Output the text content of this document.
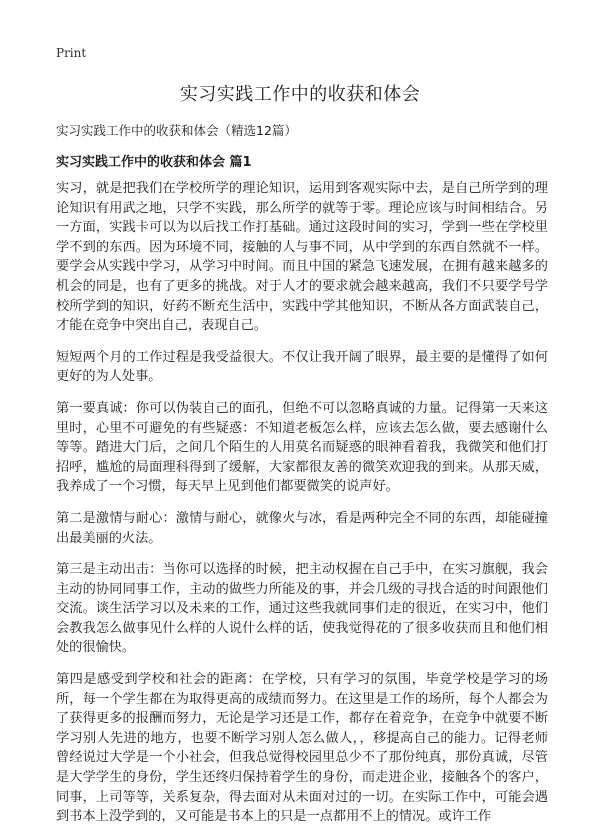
Print
实习实践工作中的收获和体会

实习实践工作中的收获和体会（精选12篇）

实习实践工作中的收获和体会 篇1

实习，就是把我们在学校所学的理论知识，运用到客观实际中去，是自己所学到的理论知识有用武之地，只学不实践，那么所学的就等于零。理论应该与时间相结合。另一方面，实践卡可以为以后找工作打基础。通过这段时间的实习，学到一些在学校里学不到的东西。因为环境不同，接触的人与事不同，从中学到的东西自然就不一样。要学会从实践中学习，从学习中时间。而且中国的紧急飞速发展，在拥有越来越多的机会的同是，也有了更多的挑战。对于人才的要求就会越来越高，我们不只要学号学校所学到的知识，好药不断充生活中，实践中学其他知识，不断从各方面武装自己，才能在竞争中突出自己，表现自己。

短短两个月的工作过程是我受益很大。不仅让我开阔了眼界，最主要的是懂得了如何更好的为人处事。

第一要真诚：你可以伪装自己的面孔，但绝不可以忽略真诚的力量。记得第一天来这里时，心里不可避免的有些疑惑：不知道老板怎么样，应该去怎么做，要去感谢什么等等。踏进大门后，之间几个陌生的人用莫名而疑惑的眼神看着我，我微笑和他们打招呼，尴尬的局面理科得到了缓解，大家都很友善的微笑欢迎我的到来。从那天威，我养成了一个习惯，每天早上见到他们都要微笑的说声好。

第二是激情与耐心：激情与耐心，就像火与冰，看是两种完全不同的东西，却能碰撞出最美丽的火法。

第三是主动出击：当你可以选择的时候，把主动权握在自己手中，在实习旗舰，我会主动的协同同事工作，主动的做些力所能及的事，并会几级的寻找合适的时间跟他们交流。谈生活学习以及未来的工作，通过这些我就同事们走的很近，在实习中，他们会教我怎么做事见什么样的人说什么样的话，使我觉得花的了很多收获而且和他们相处的很愉快。

第四是感受到学校和社会的距离：在学校，只有学习的氛围，毕竟学校是学习的场所，每一个学生都在为取得更高的成绩而努力。在这里是工作的场所，每个人都会为了获得更多的报酬而努力，无论是学习还是工作，都存在着竞争，在竞争中就要不断学习别人先进的地方，也要不断学习别人怎么做人，，移提高自己的能力。记得老师曾经说过大学是一个小社会，但我总觉得校园里总少不了那份纯真，那份真诚，尽管是大学学生的身份，学生还终归保持着学生的身份，而走进企业，接触各个的客户，同事，上司等等，关系复杂，得去面对从未面对过的一切。在实际工作中，可能会遇到书本上没学到的，又可能是书本上的只是一点都用不上的情况。或许工作
